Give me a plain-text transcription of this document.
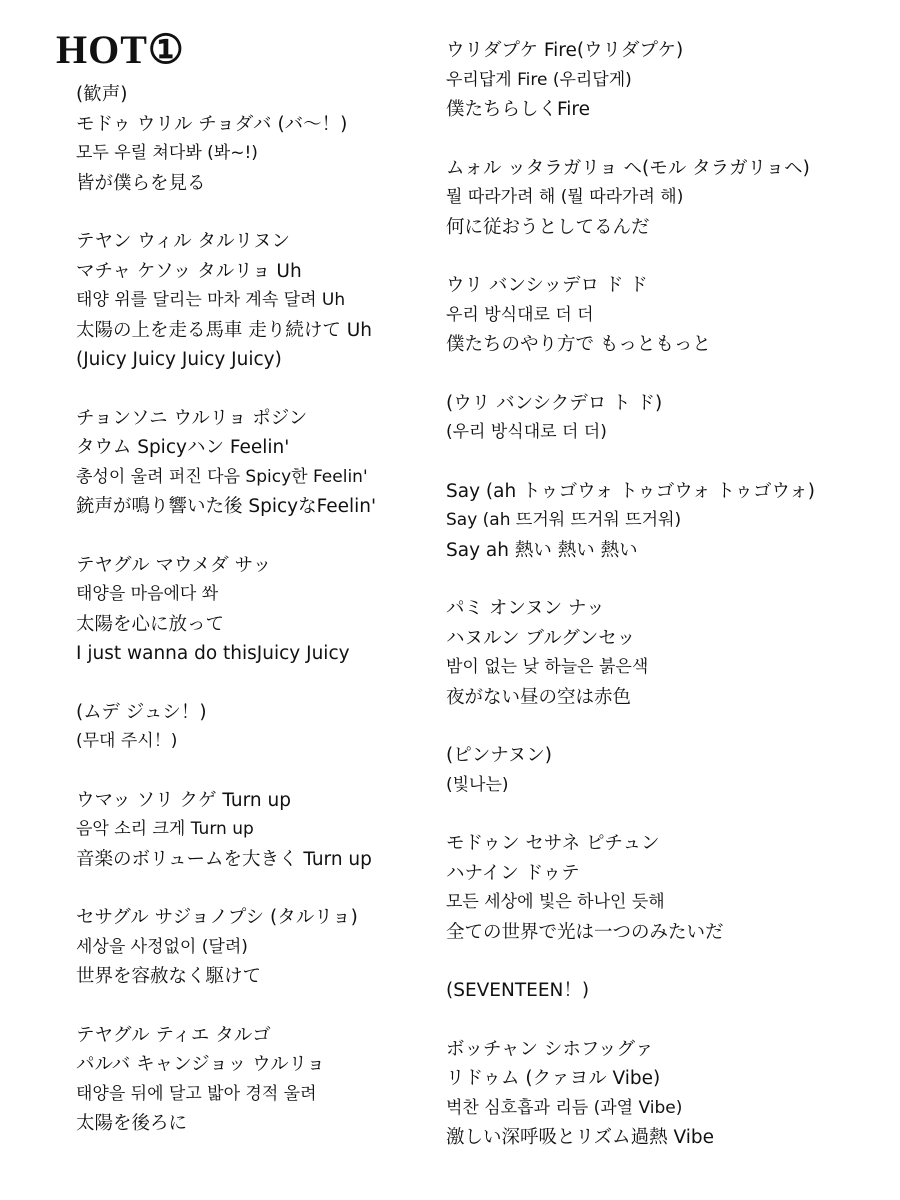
HOT①
(歓声)
モドゥ ウリル チョダバ (バ～！)
모두 우릴 쳐다봐 (봐~!)
皆が僕らを見る
テヤン ウィル タルリヌン
マチャ ケソッ タルリョ Uh
태양 위를 달리는 마차 계속 달려 Uh
太陽の上を走る馬車 走り続けて Uh
(Juicy Juicy Juicy Juicy)
チョンソニ ウルリョ ポジン
タウム Spicyハン Feelin'
총성이 울려 퍼진 다음 Spicy한 Feelin'
銃声が鳴り響いた後 SpicyなFeelin'
テヤグル マウメダ サッ
태양을 마음에다 쏴
太陽を心に放って
I just wanna do thisJuicy Juicy
(ムデ ジュシ！)
(무대 주시！)
ウマッ ソリ クゲ Turn up
음악 소리 크게 Turn up
音楽のボリュームを大きく Turn up
セサグル サジョノプシ (タルリョ)
세상을 사정없이 (달려)
世界を容赦なく駆けて
テヤグル ティエ タルゴ
パルバ キャンジョッ ウルリョ
태양을 뒤에 달고 밟아 경적 울려
太陽を後ろに
ウリダプケ Fire(ウリダプケ)
우리답게 Fire (우리답게)
僕たちらしくFire
ムォル ッタラガリョ ヘ(モル タラガリョヘ)
뭘 따라가려 해 (뭘 따라가려 해)
何に従おうとしてるんだ
ウリ バンシッデロ ド ド
우리 방식대로 더 더
僕たちのやり方で もっともっと
(ウリ バンシクデロ ト ド)
(우리 방식대로 더 더)
Say (ah トゥゴウォ トゥゴウォ トゥゴウォ)
Say (ah 뜨거워 뜨거워 뜨거워)
Say ah 熱い 熱い 熱い
パミ オンヌン ナッ
ハヌルン ブルグンセッ
밤이 없는 낮 하늘은 붉은색
夜がない昼の空は赤色
(ピンナヌン)
(빛나는)
モドゥン セサネ ピチュン
ハナイン ドゥテ
모든 세상에 빛은 하나인 듯해
全ての世界で光は一つのみたいだ
(SEVENTEEN！)
ボッチャン シホフッグァ
リドゥム (クァヨル Vibe)
벅찬 심호흡과 리듬 (과열 Vibe)
激しい深呼吸とリズム過熱 Vibe
